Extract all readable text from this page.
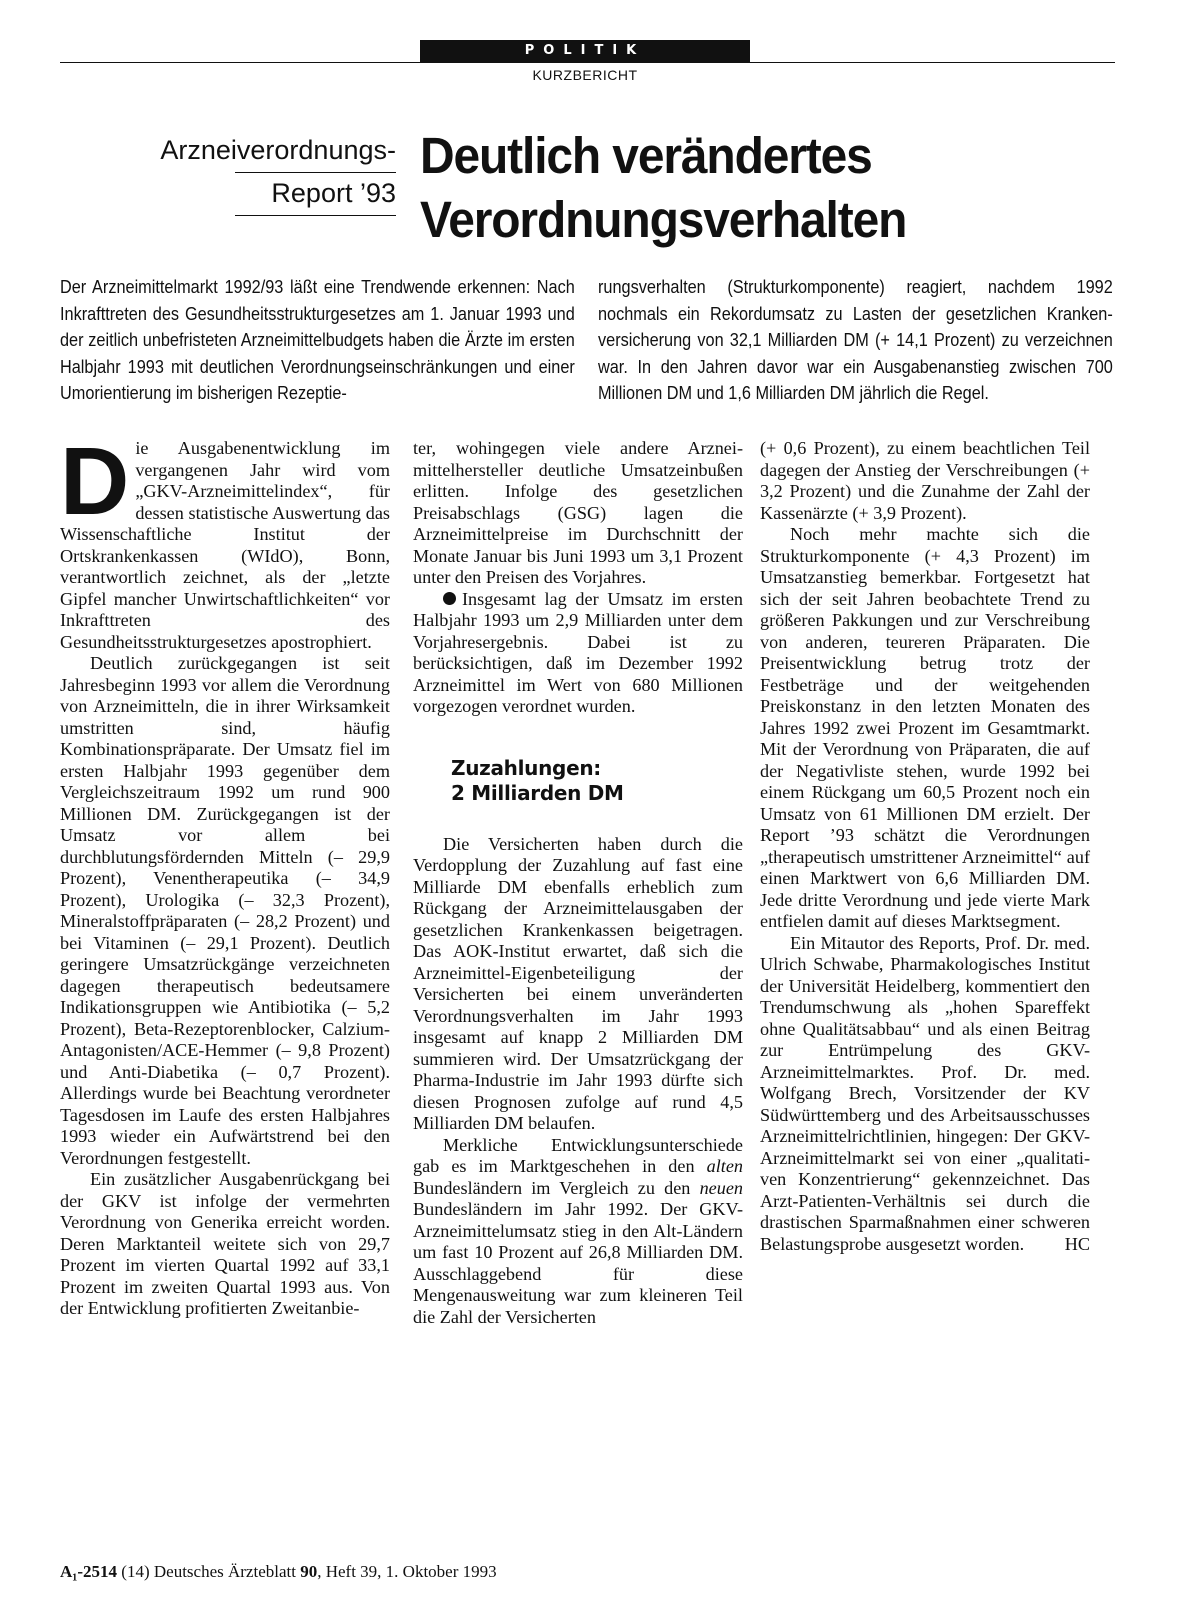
POLITIK
KURZBERICHT
Arzneiverordnungs-
Report ’93
Deutlich verändertes
Verordnungsverhalten
Der Arzneimittelmarkt 1992/93 läßt eine Trendwende erkennen: Nach Inkrafttreten des Gesundheitsstrukturgesetzes am 1. Januar 1993 und der zeitlich unbefristeten Arzneimittelbudgets haben die Ärzte im ersten Halbjahr 1993 mit deutlichen Verordnungseinschränkungen und einer Umorientierung im bisherigen Rezeptie-
rungsverhalten (Strukturkomponente) reagiert, nachdem 1992 nochmals ein Rekordumsatz zu Lasten der gesetzlichen Krankenversicherung von 32,1 Milliarden DM (+ 14,1 Prozent) zu verzeichnen war. In den Jahren davor war ein Ausgabenanstieg zwischen 700 Millionen DM und 1,6 Milliarden DM jährlich die Regel.

Die Ausgabenentwicklung im vergangenen Jahr wird vom „GKV-Arzneimittelindex“, für dessen statistische Auswertung das Wissenschaftliche Institut der Ortskrankenkassen (WIdO), Bonn, verantwortlich zeichnet, als der „letzte Gipfel mancher Unwirtschaftlichkeiten“ vor Inkrafttreten des Gesundheitsstrukturgesetzes apostrophiert.

Deutlich zurückgegangen ist seit Jahresbeginn 1993 vor allem die Verordnung von Arzneimitteln, die in ihrer Wirksamkeit umstritten sind, häufig Kombinationspräparate. Der Umsatz fiel im ersten Halbjahr 1993 gegenüber dem Vergleichszeitraum 1992 um rund 900 Millionen DM. Zurückgegangen ist der Umsatz vor allem bei durchblutungsfördernden Mitteln (– 29,9 Prozent), Venentherapeutika (– 34,9 Prozent), Urologika (– 32,3 Prozent), Mineralstoffpräparaten (– 28,2 Prozent) und bei Vitaminen (– 29,1 Prozent). Deutlich geringere Umsatzrückgänge verzeichneten dagegen therapeutisch bedeutsamere Indikationsgruppen wie Antibiotika (– 5,2 Prozent), Beta-Rezeptorenblocker, Calzium-Antagonisten/ACE-Hemmer (– 9,8 Prozent) und Anti-Diabetika (– 0,7 Prozent). Allerdings wurde bei Beachtung verordneter Tagesdosen im Laufe des ersten Halbjahres 1993 wieder ein Aufwärtstrend bei den Verordnungen festgestellt.

Ein zusätzlicher Ausgabenrückgang bei der GKV ist infolge der vermehrten Verordnung von Generika erreicht worden. Deren Marktanteil weitete sich von 29,7 Prozent im vierten Quartal 1992 auf 33,1 Prozent im zweiten Quartal 1993 aus. Von der Entwicklung profitierten Zweitanbie-

ter, wohingegen viele andere Arzneimittelhersteller deutliche Umsatzeinbußen erlitten. Infolge des gesetzlichen Preisabschlags (GSG) lagen die Arzneimittelpreise im Durchschnitt der Monate Januar bis Juni 1993 um 3,1 Prozent unter den Preisen des Vorjahres.

Insgesamt lag der Umsatz im ersten Halbjahr 1993 um 2,9 Milliarden unter dem Vorjahresergebnis. Dabei ist zu berücksichtigen, daß im Dezember 1992 Arzneimittel im Wert von 680 Millionen vorgezogen verordnet wurden.

Zuzahlungen:
2 Milliarden DM

Die Versicherten haben durch die Verdopplung der Zuzahlung auf fast eine Milliarde DM ebenfalls erheblich zum Rückgang der Arzneimittelausgaben der gesetzlichen Krankenkassen beigetragen. Das AOK-Institut erwartet, daß sich die Arzneimittel-Eigenbeteiligung der Versicherten bei einem unveränderten Verordnungsverhalten im Jahr 1993 insgesamt auf knapp 2 Milliarden DM summieren wird. Der Umsatzrückgang der Pharma-Industrie im Jahr 1993 dürfte sich diesen Prognosen zufolge auf rund 4,5 Milliarden DM belaufen.

Merkliche Entwicklungsunterschiede gab es im Marktgeschehen in den alten Bundesländern im Vergleich zu den neuen Bundesländern im Jahr 1992. Der GKV-Arzneimittelumsatz stieg in den Alt-Ländern um fast 10 Prozent auf 26,8 Milliarden DM. Ausschlaggebend für diese Mengenausweitung war zum kleineren Teil die Zahl der Versicherten

(+ 0,6 Prozent), zu einem beachtlichen Teil dagegen der Anstieg der Verschreibungen (+ 3,2 Prozent) und die Zunahme der Zahl der Kassenärzte (+ 3,9 Prozent).

Noch mehr machte sich die Strukturkomponente (+ 4,3 Prozent) im Umsatzanstieg bemerkbar. Fortgesetzt hat sich der seit Jahren beobachtete Trend zu größeren Pakkungen und zur Verschreibung von anderen, teureren Präparaten. Die Preisentwicklung betrug trotz der Festbeträge und der weitgehenden Preiskonstanz in den letzten Monaten des Jahres 1992 zwei Prozent im Gesamtmarkt. Mit der Verordnung von Präparaten, die auf der Negativliste stehen, wurde 1992 bei einem Rückgang um 60,5 Prozent noch ein Umsatz von 61 Millionen DM erzielt. Der Report ’93 schätzt die Verordnungen „therapeutisch umstrittener Arzneimittel“ auf einen Marktwert von 6,6 Milliarden DM. Jede dritte Verordnung und jede vierte Mark entfielen damit auf dieses Marktsegment.

Ein Mitautor des Reports, Prof. Dr. med. Ulrich Schwabe, Pharmakologisches Institut der Universität Heidelberg, kommentiert den Trendumschwung als „hohen Spareffekt ohne Qualitätsabbau“ und als einen Beitrag zur Entrümpelung des GKV-Arzneimittelmarktes. Prof. Dr. med. Wolfgang Brech, Vorsitzender der KV Südwürttemberg und des Arbeitsausschusses Arzneimittelrichtlinien, hingegen: Der GKV-Arzneimittelmarkt sei von einer „qualitativen Konzentrierung“ gekennzeichnet. Das Arzt-Patienten-Verhältnis sei durch die drastischen Sparmaßnahmen einer schweren Belastungsprobe ausgesetzt worden.	HC

A₁-2514 (14) Deutsches Ärzteblatt 90, Heft 39, 1. Oktober 1993
